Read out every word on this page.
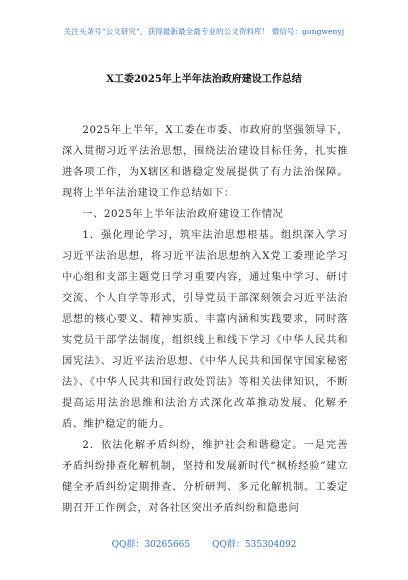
关注头条号“公文研究”，获得最新最全最专业的公文资料库！ 微信号：gongwenyj
X工委2025年上半年法治政府建设工作总结

2025年上半年，X工委在市委、市政府的坚强领导下，深入贯彻习近平法治思想，围绕法治建设目标任务，扎实推进各项工作，为X辖区和谐稳定发展提供了有力法治保障。现将上半年法治建设工作总结如下：

一、2025年上半年法治政府建设工作情况

1．强化理论学习，筑牢法治思想根基。组织深入学习习近平法治思想，将习近平法治思想纳入X党工委理论学习中心组和支部主题党日学习重要内容，通过集中学习、研讨交流、个人自学等形式，引导党员干部深刻领会习近平法治思想的核心要义、精神实质、丰富内涵和实践要求，同时落实党员干部学法制度，组织线上和线下学习《中华人民共和国宪法》、习近平法治思想、《中华人民共和国保守国家秘密法》、《中华人民共和国行政处罚法》等相关法律知识，不断提高运用法治思维和法治方式深化改革推动发展、化解矛盾、维护稳定的能力。

2．依法化解矛盾纠纷，维护社会和谐稳定。一是完善矛盾纠纷排查化解机制，坚持和发展新时代“枫桥经验”建立健全矛盾纠纷定期排查、分析研判、多元化解机制。工委定期召开工作例会，对各社区突出矛盾纠纷和隐患问

QQ群：30265665 QQ群：535304092
